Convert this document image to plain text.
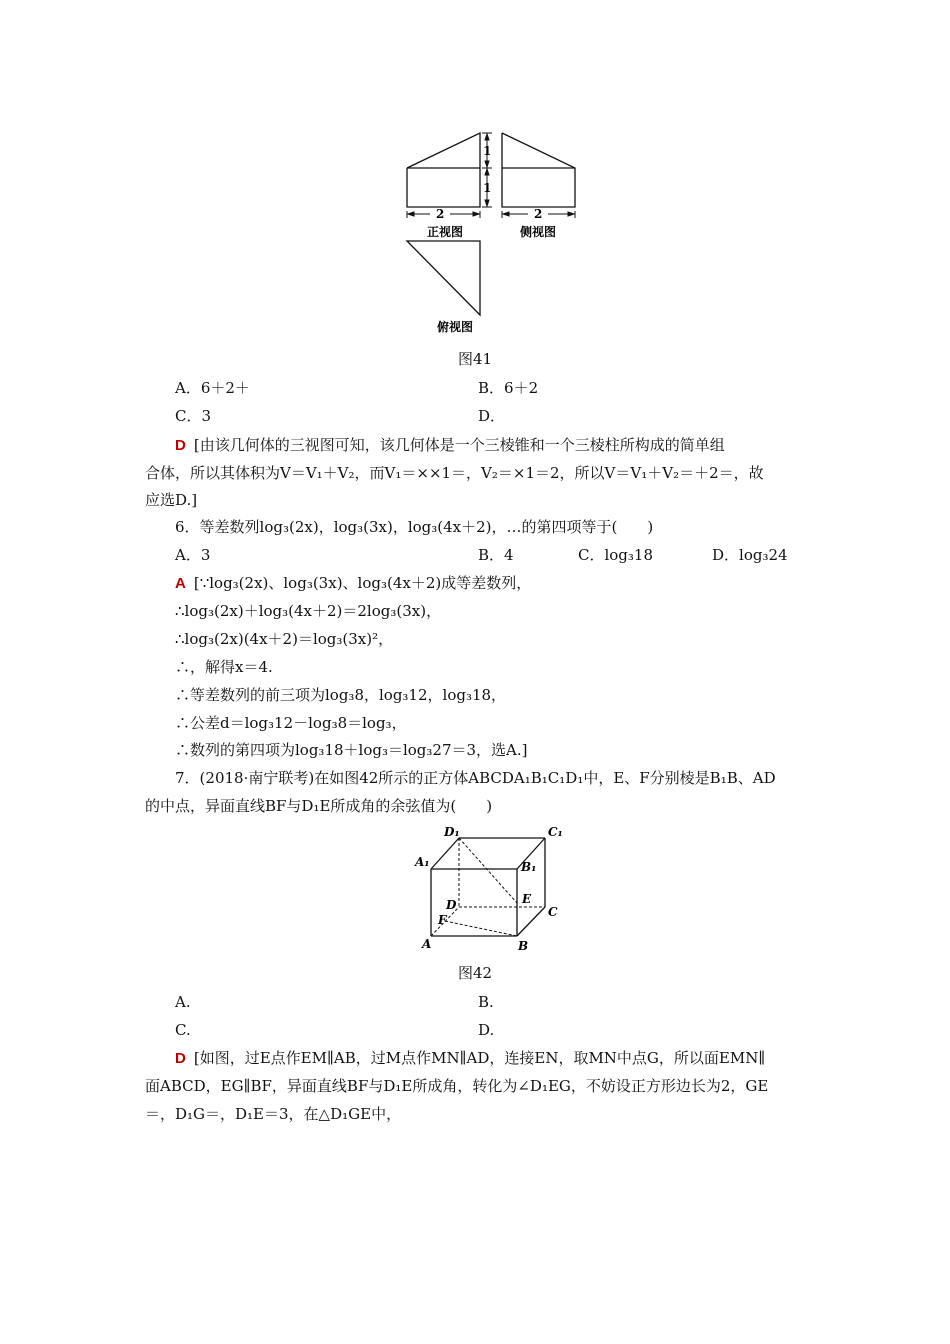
1
1
2	2
正视图	侧视图
俯视图
图41
A．6＋2＋	B．6＋2
C．3	D．
D [由该几何体的三视图可知，该几何体是一个三棱锥和一个三棱柱所构成的简单组
合体，所以其体积为V＝V₁＋V₂，而V₁＝××1＝，V₂＝×1＝2，所以V＝V₁＋V₂＝＋2＝，故
应选D.]
6．等差数列log₃(2x)，log₃(3x)，log₃(4x＋2)，…的第四项等于(　　)
A．3	B．4	C．log₃18	D．log₃24
A [∵log₃(2x)、log₃(3x)、log₃(4x＋2)成等差数列，
∴log₃(2x)＋log₃(4x＋2)＝2log₃(3x)，
∴log₃(2x)(4x＋2)＝log₃(3x)²，
∴，解得x＝4.
∴等差数列的前三项为log₃8，log₃12，log₃18，
∴公差d＝log₃12－log₃8＝log₃，
∴数列的第四项为log₃18＋log₃＝log₃27＝3，选A.]
7．(2018·南宁联考)在如图42所示的正方体ABCDA₁B₁C₁D₁中，E、F分别棱是B₁B、AD
的中点，异面直线BF与D₁E所成角的余弦值为(　　)
D₁	C₁
A₁	B₁
E
D	C
F
A	B
图42
A.	B.
C.	D.
D [如图，过E点作EM∥AB，过M点作MN∥AD，连接EN，取MN中点G，所以面EMN∥
面ABCD，EG∥BF，异面直线BF与D₁E所成角，转化为∠D₁EG，不妨设正方形边长为2，GE
＝，D₁G＝，D₁E＝3，在△D₁GE中，
